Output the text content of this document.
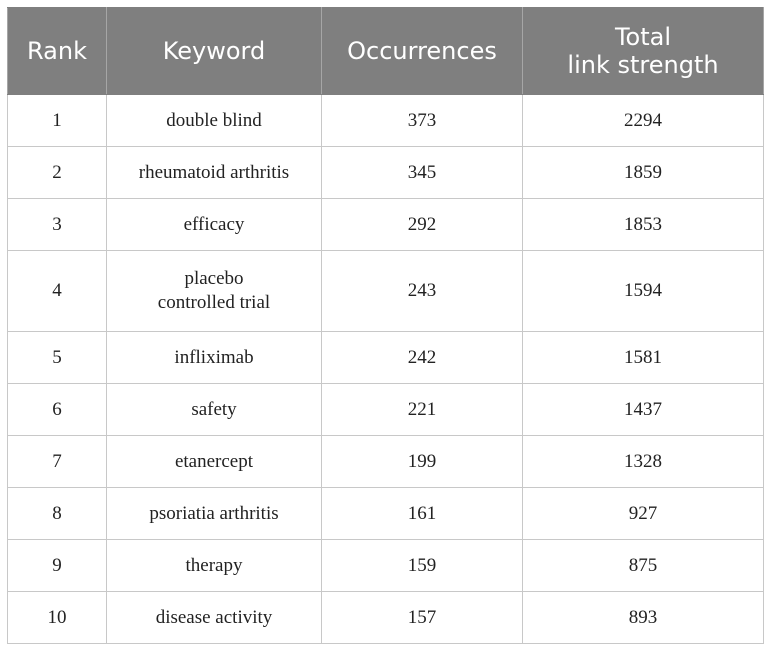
Rank	Keyword	Occurrences	Total
link strength

1	double blind	373	2294
2	rheumatoid arthritis	345	1859
3	efficacy	292	1853
4	placebo
controlled trial	243	1594
5	infliximab	242	1581
6	safety	221	1437
7	etanercept	199	1328
8	psoriatia arthritis	161	927
9	therapy	159	875
10	disease activity	157	893
